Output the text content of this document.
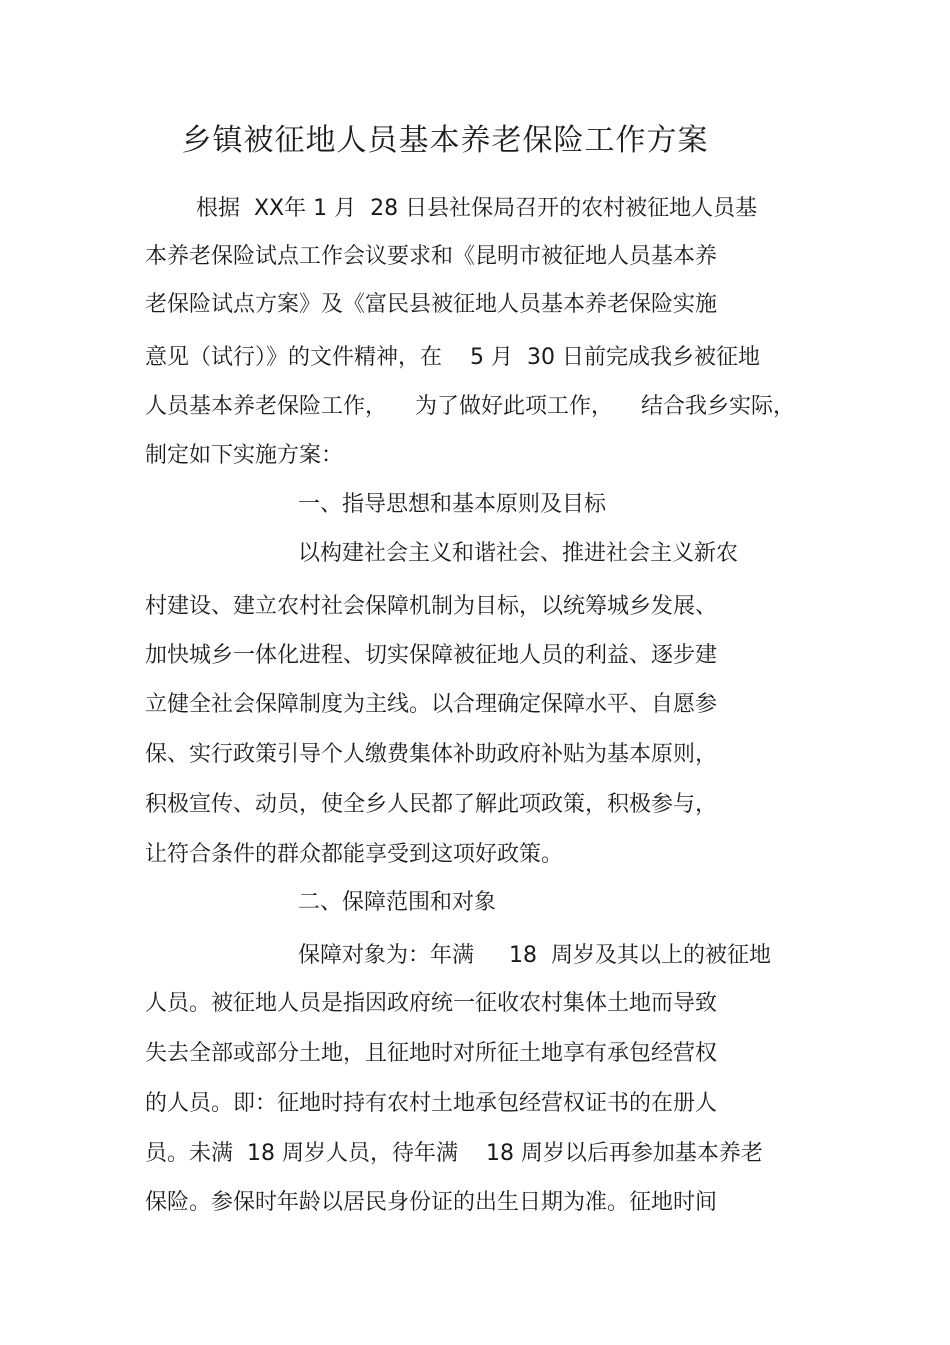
乡镇被征地人员基本养老保险工作方案
根据  XX年 1 月  28 日县社保局召开的农村被征地人员基
本养老保险试点工作会议要求和《昆明市被征地人员基本养
老保险试点方案》及《富民县被征地人员基本养老保险实施
意见（试行）》的文件精神，在    5 月  30 日前完成我乡被征地
人员基本养老保险工作，    为了做好此项工作，    结合我乡实际，
制定如下实施方案：
一、指导思想和基本原则及目标
以构建社会主义和谐社会、推进社会主义新农
村建设、建立农村社会保障机制为目标，以统筹城乡发展、
加快城乡一体化进程、切实保障被征地人员的利益、逐步建
立健全社会保障制度为主线。以合理确定保障水平、自愿参
保、实行政策引导个人缴费集体补助政府补贴为基本原则，
积极宣传、动员，使全乡人民都了解此项政策，积极参与，
让符合条件的群众都能享受到这项好政策。
二、保障范围和对象
保障对象为：年满     18  周岁及其以上的被征地
人员。被征地人员是指因政府统一征收农村集体土地而导致
失去全部或部分土地，且征地时对所征土地享有承包经营权
的人员。即：征地时持有农村土地承包经营权证书的在册人
员。未满  18 周岁人员，待年满    18 周岁以后再参加基本养老
保险。参保时年龄以居民身份证的出生日期为准。征地时间
